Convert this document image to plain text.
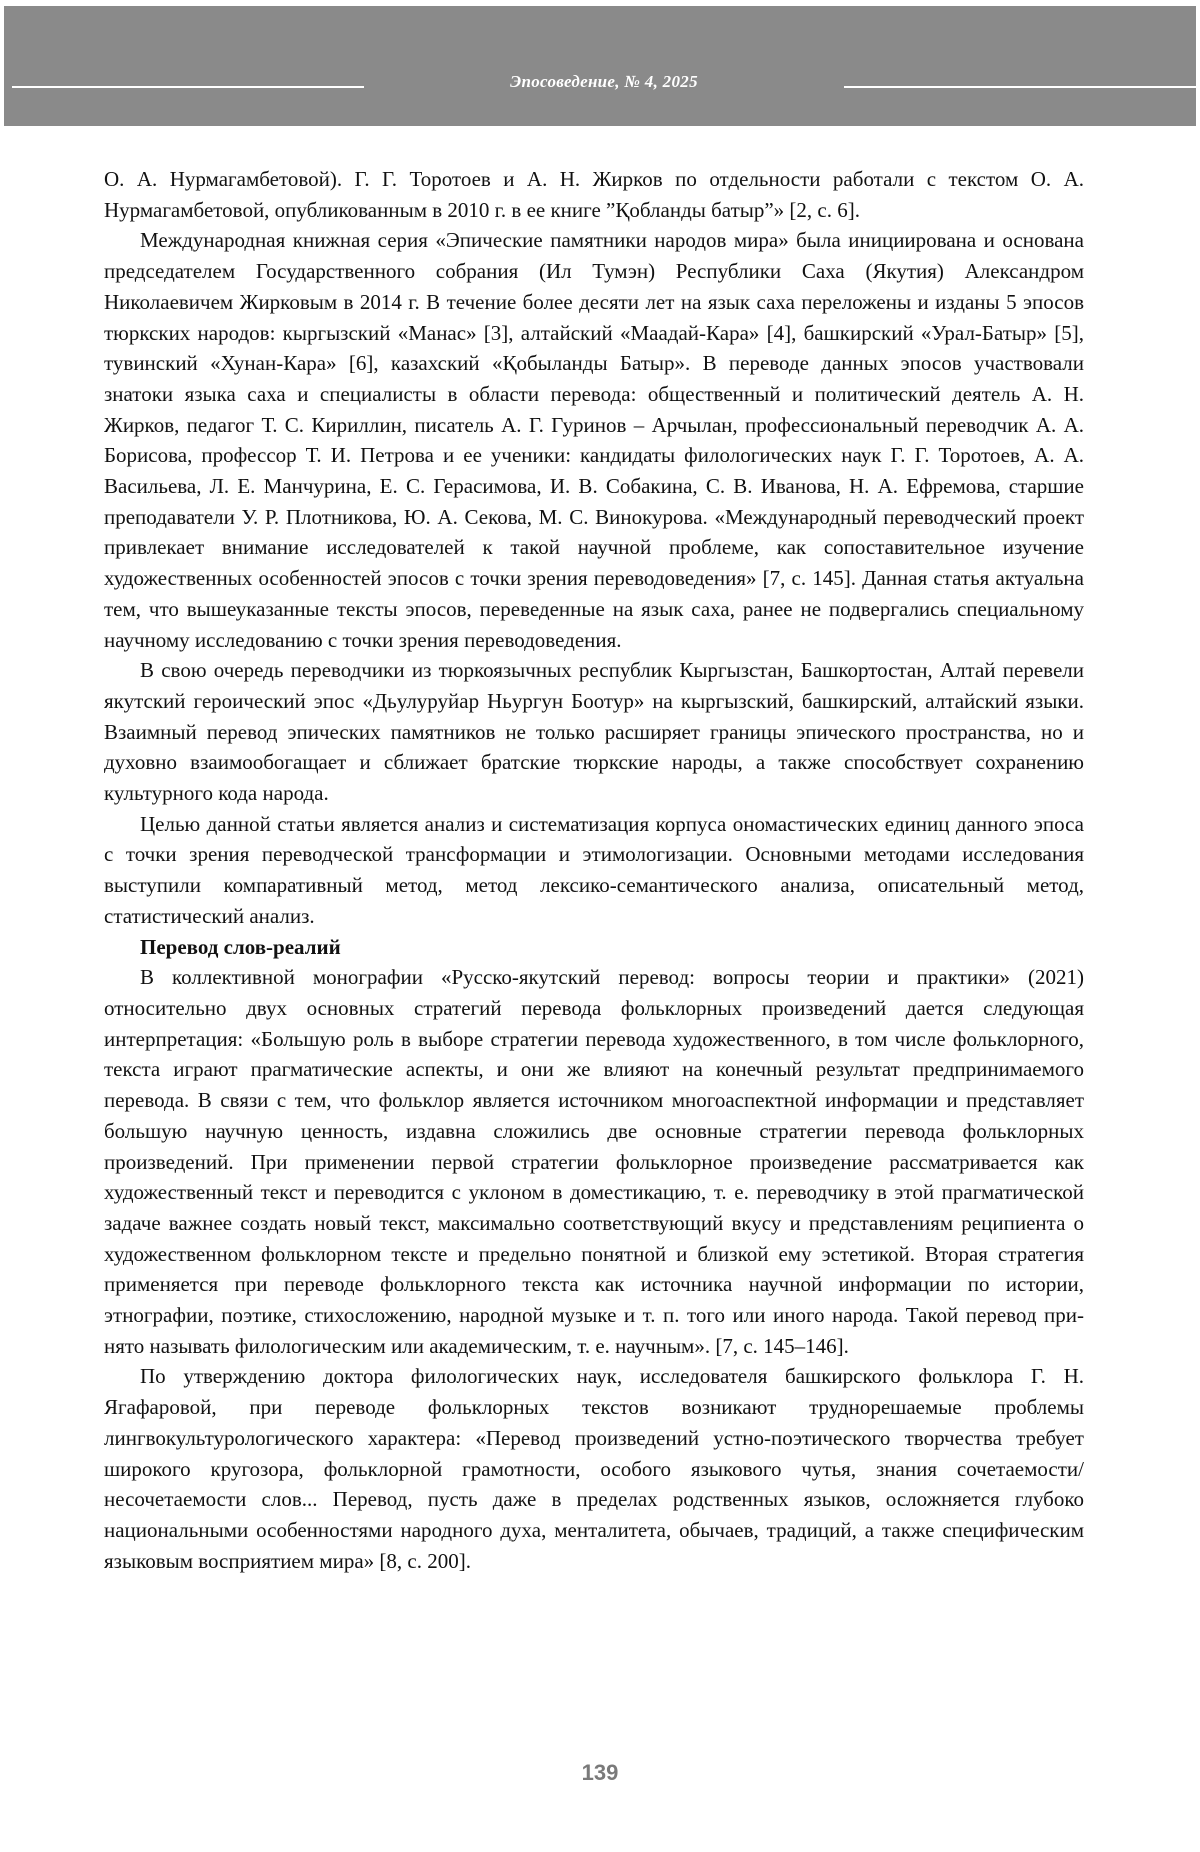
Эпосоведение, № 4, 2025

О. А. Нурмагамбетовой). Г. Г. Торотоев и А. Н. Жирков по отдельности работали с текстом О. А. Нурмагамбетовой, опубликованным в 2010 г. в ее книге ˮҚобланды батырˮ» [2, с. 6].

Международная книжная серия «Эпические памятники народов мира» была инициирована и основана председателем Государственного собрания (Ил Тумэн) Республики Саха (Якутия) Александром Николаевичем Жирковым в 2014 г. В течение более десяти лет на язык саха переложены и изданы 5 эпосов тюркских народов: кыргызский «Манас» [3], алтайский «Маадай-Кара» [4], башкирский «Урал-Батыр» [5], тувинский «Хунан-Кара» [6], казахский «Қобыланды Батыр». В переводе данных эпосов участвовали знатоки языка саха и специалисты в области перевода: общественный и политический деятель А. Н. Жирков, педагог Т. С. Кириллин, писатель А. Г. Гуринов – Арчылан, профессиональный переводчик А. А. Борисова, профессор Т. И. Петрова и ее ученики: кандидаты филологических наук Г. Г. Торотоев, А. А. Васильева, Л. Е. Манчурина, Е. С. Герасимова, И. В. Собакина, С. В. Иванова, Н. А. Ефремова, старшие преподаватели У. Р. Плотникова, Ю. А. Секова, М. С. Винокурова. «Международный переводческий проект привлекает внимание исследователей к такой научной проблеме, как сопоставительное изучение художественных особенностей эпосов с точки зрения переводоведения» [7, с. 145]. Данная статья актуальна тем, что вышеуказанные тексты эпосов, переведенные на язык саха, ранее не подвергались специальному научному исследованию с точки зрения переводоведения.

В свою очередь переводчики из тюркоязычных республик Кыргызстан, Башкортостан, Алтай перевели якутский героический эпос «Дьулуруйар Ньургун Боотур» на кыргызский, башкирский, алтайский языки. Взаимный перевод эпических памятников не только расширяет границы эпического пространства, но и духовно взаимообогащает и сближает братские тюркские народы, а также способствует сохранению культурного кода народа.

Целью данной статьи является анализ и систематизация корпуса ономастических единиц данного эпоса с точки зрения переводческой трансформации и этимологизации. Основными методами исследования выступили компаративный метод, метод лексико-семантического анализа, описательный метод, статистический анализ.

Перевод слов-реалий

В коллективной монографии «Русско-якутский перевод: вопросы теории и практики» (2021) относительно двух основных стратегий перевода фольклорных произведений дается следующая интерпретация: «Большую роль в выборе стратегии перевода художественного, в том числе фольклорного, текста играют прагматические аспекты, и они же влияют на конечный результат предпринимаемого перевода. В связи с тем, что фольклор является источником многоаспектной информации и представляет большую научную ценность, издавна сложились две основные стратегии перевода фольклорных произведений. При применении первой стратегии фольклорное произведение рассматривается как художественный текст и переводится с уклоном в доместикацию, т. е. переводчику в этой прагматической задаче важнее создать новый текст, максимально соответствующий вкусу и представлениям реципиента о художественном фольклорном тексте и предельно понятной и близкой ему эстетикой. Вторая стратегия применяется при переводе фольклорного текста как источника научной информации по истории, этнографии, поэтике, стихосложению, народной музыке и т. п. того или иного народа. Такой перевод принято называть филологическим или академическим, т. е. научным». [7, с. 145–146].

По утверждению доктора филологических наук, исследователя башкирского фольклора Г. Н. Ягафаровой, при переводе фольклорных текстов возникают труднорешаемые проблемы лингвокультурологического характера: «Перевод произведений устно-поэтического творчества требует широкого кругозора, фольклорной грамотности, особого языкового чутья, знания сочетаемости/несочетаемости слов... Перевод, пусть даже в пределах родственных языков, осложняется глубоко национальными особенностями народного духа, менталитета, обычаев, традиций, а также специфическим языковым восприятием мира» [8, с. 200].

139
